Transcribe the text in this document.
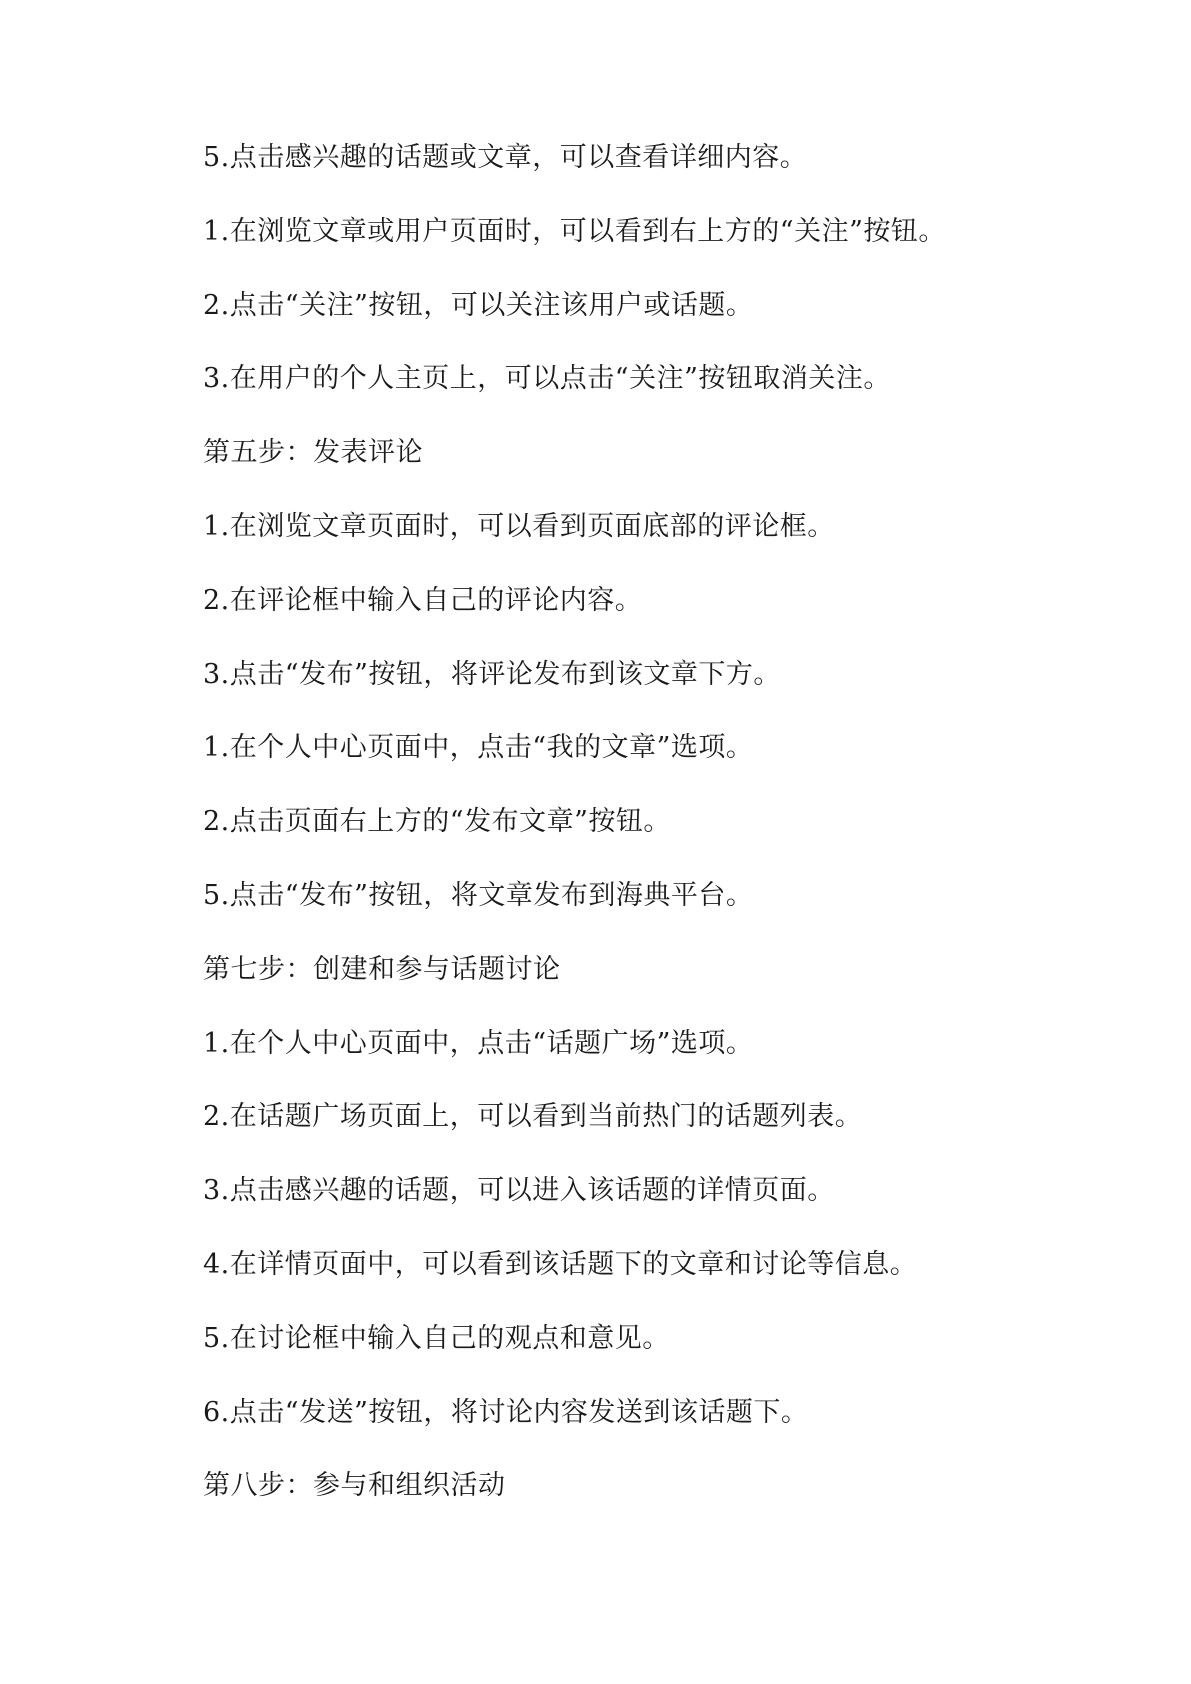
5.点击感兴趣的话题或文章，可以查看详细内容。
1.在浏览文章或用户页面时，可以看到右上方的“关注”按钮。
2.点击“关注”按钮，可以关注该用户或话题。
3.在用户的个人主页上，可以点击“关注”按钮取消关注。
第五步：发表评论
1.在浏览文章页面时，可以看到页面底部的评论框。
2.在评论框中输入自己的评论内容。
3.点击“发布”按钮，将评论发布到该文章下方。
1.在个人中心页面中，点击“我的文章”选项。
2.点击页面右上方的“发布文章”按钮。
5.点击“发布”按钮，将文章发布到海典平台。
第七步：创建和参与话题讨论
1.在个人中心页面中，点击“话题广场”选项。
2.在话题广场页面上，可以看到当前热门的话题列表。
3.点击感兴趣的话题，可以进入该话题的详情页面。
4.在详情页面中，可以看到该话题下的文章和讨论等信息。
5.在讨论框中输入自己的观点和意见。
6.点击“发送”按钮，将讨论内容发送到该话题下。
第八步：参与和组织活动
